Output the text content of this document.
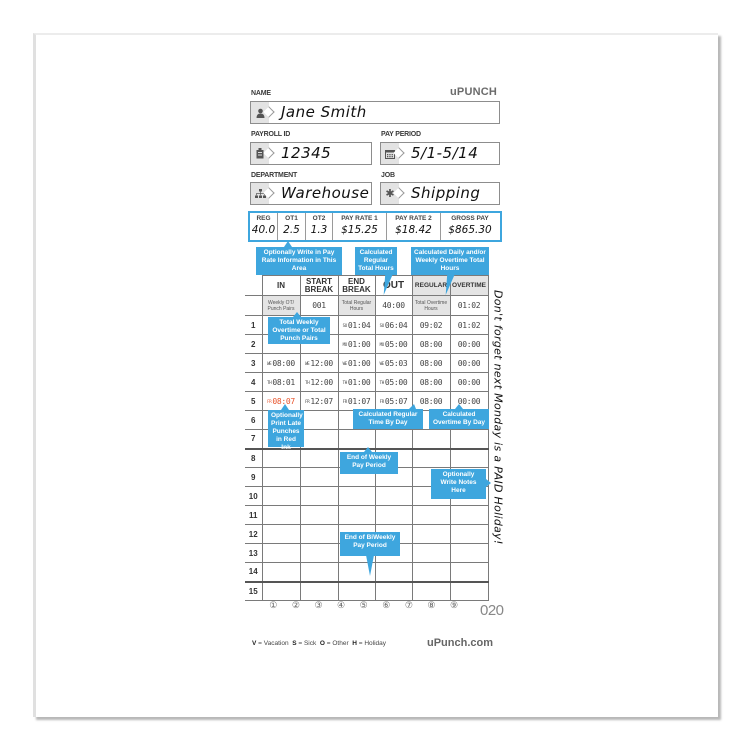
NAME	uPUNCH
Jane Smith
PAYROLL ID	PAY PERIOD
12345	5/1-5/14
DEPARTMENT	JOB
Warehouse	✱ Shipping
REG
40.0
OT1
2.5
OT2
1.3
PAY RATE 1
$15.25
PAY RATE 2
$18.42
GROSS PAY
$865.30
	IN	START BREAK	END BREAK	OUT	REGULAR	OVERTIME	
	Weekly OT/ Punch Pairs	001	Total Regular Hours	40:00	Total Overtime Hours	01:02	
1			SU01:04	SU06:04	09:02	01:02	
2			MO01:00	MO05:00	08:00	00:00	
3	WE08:00	WE12:00	WE01:00	WE05:03	08:00	00:00	
4	TH08:01	TH12:00	TH01:00	TH05:00	08:00	00:00	
5	FR08:07	FR12:07	FR01:07	FR05:07	08:00	00:00	
6							
7							
8							
9							
10							
11							
12							
13							
14							
15							
Don't forget next Monday is a PAID Holiday!
Optionally Write in Pay Rate Information in This Area
Calculated Regular Total Hours
Calculated Daily and/or Weekly Overtime Total Hours
Total Weekly Overtime or Total Punch Pairs
Optionally Print Late Punches in Red Ink
Calculated Regular Time By Day
Calculated Overtime By Day
End of Weekly Pay Period
Optionally Write Notes Here
End of BiWeekly Pay Period
①	②	③	④	⑤	⑥	⑦	⑧	⑨	020
V = Vacation S = Sick O = Other H = Holiday	uPunch.com
